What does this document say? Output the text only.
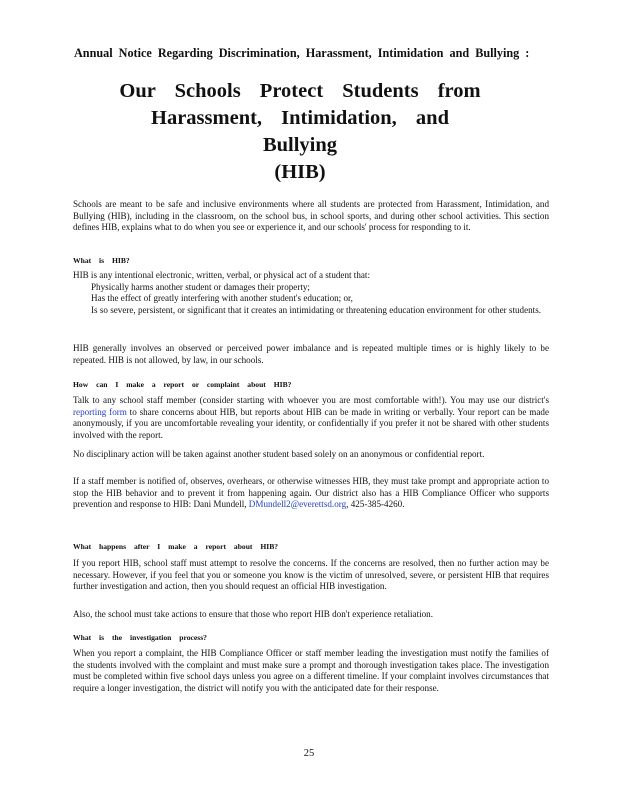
Annual Notice Regarding Discrimination, Harassment, Intimidation and Bullying :
Our Schools Protect Students from
Harassment, Intimidation, and
Bullying
(HIB)

Schools are meant to be safe and inclusive environments where all students are protected from Harassment, Intimidation, and Bullying (HIB), including in the classroom, on the school bus, in school sports, and during other school activities. This section defines HIB, explains what to do when you see or experience it, and our schools' process for responding to it.

What is HIB?
HIB is any intentional electronic, written, verbal, or physical act of a student that:
Physically harms another student or damages their property;
Has the effect of greatly interfering with another student's education; or,
Is so severe, persistent, or significant that it creates an intimidating or threatening education environment for other students.

HIB generally involves an observed or perceived power imbalance and is repeated multiple times or is highly likely to be repeated. HIB is not allowed, by law, in our schools.

How can I make a report or complaint about HIB?

Talk to any school staff member (consider starting with whoever you are most comfortable with!). You may use our district's reporting form to share concerns about HIB, but reports about HIB can be made in writing or verbally. Your report can be made anonymously, if you are uncomfortable revealing your identity, or confidentially if you prefer it not be shared with other students involved with the report.

No disciplinary action will be taken against another student based solely on an anonymous or confidential report.

If a staff member is notified of, observes, overhears, or otherwise witnesses HIB, they must take prompt and appropriate action to stop the HIB behavior and to prevent it from happening again. Our district also has a HIB Compliance Officer who supports prevention and response to HIB: Dani Mundell, DMundell2@everettsd.org, 425-385-4260.

What happens after I make a report about HIB?

If you report HIB, school staff must attempt to resolve the concerns. If the concerns are resolved, then no further action may be necessary. However, if you feel that you or someone you know is the victim of unresolved, severe, or persistent HIB that requires further investigation and action, then you should request an official HIB investigation.

Also, the school must take actions to ensure that those who report HIB don't experience retaliation.

What is the investigation process?

When you report a complaint, the HIB Compliance Officer or staff member leading the investigation must notify the families of the students involved with the complaint and must make sure a prompt and thorough investigation takes place. The investigation must be completed within five school days unless you agree on a different timeline. If your complaint involves circumstances that require a longer investigation, the district will notify you with the anticipated date for their response.

25
